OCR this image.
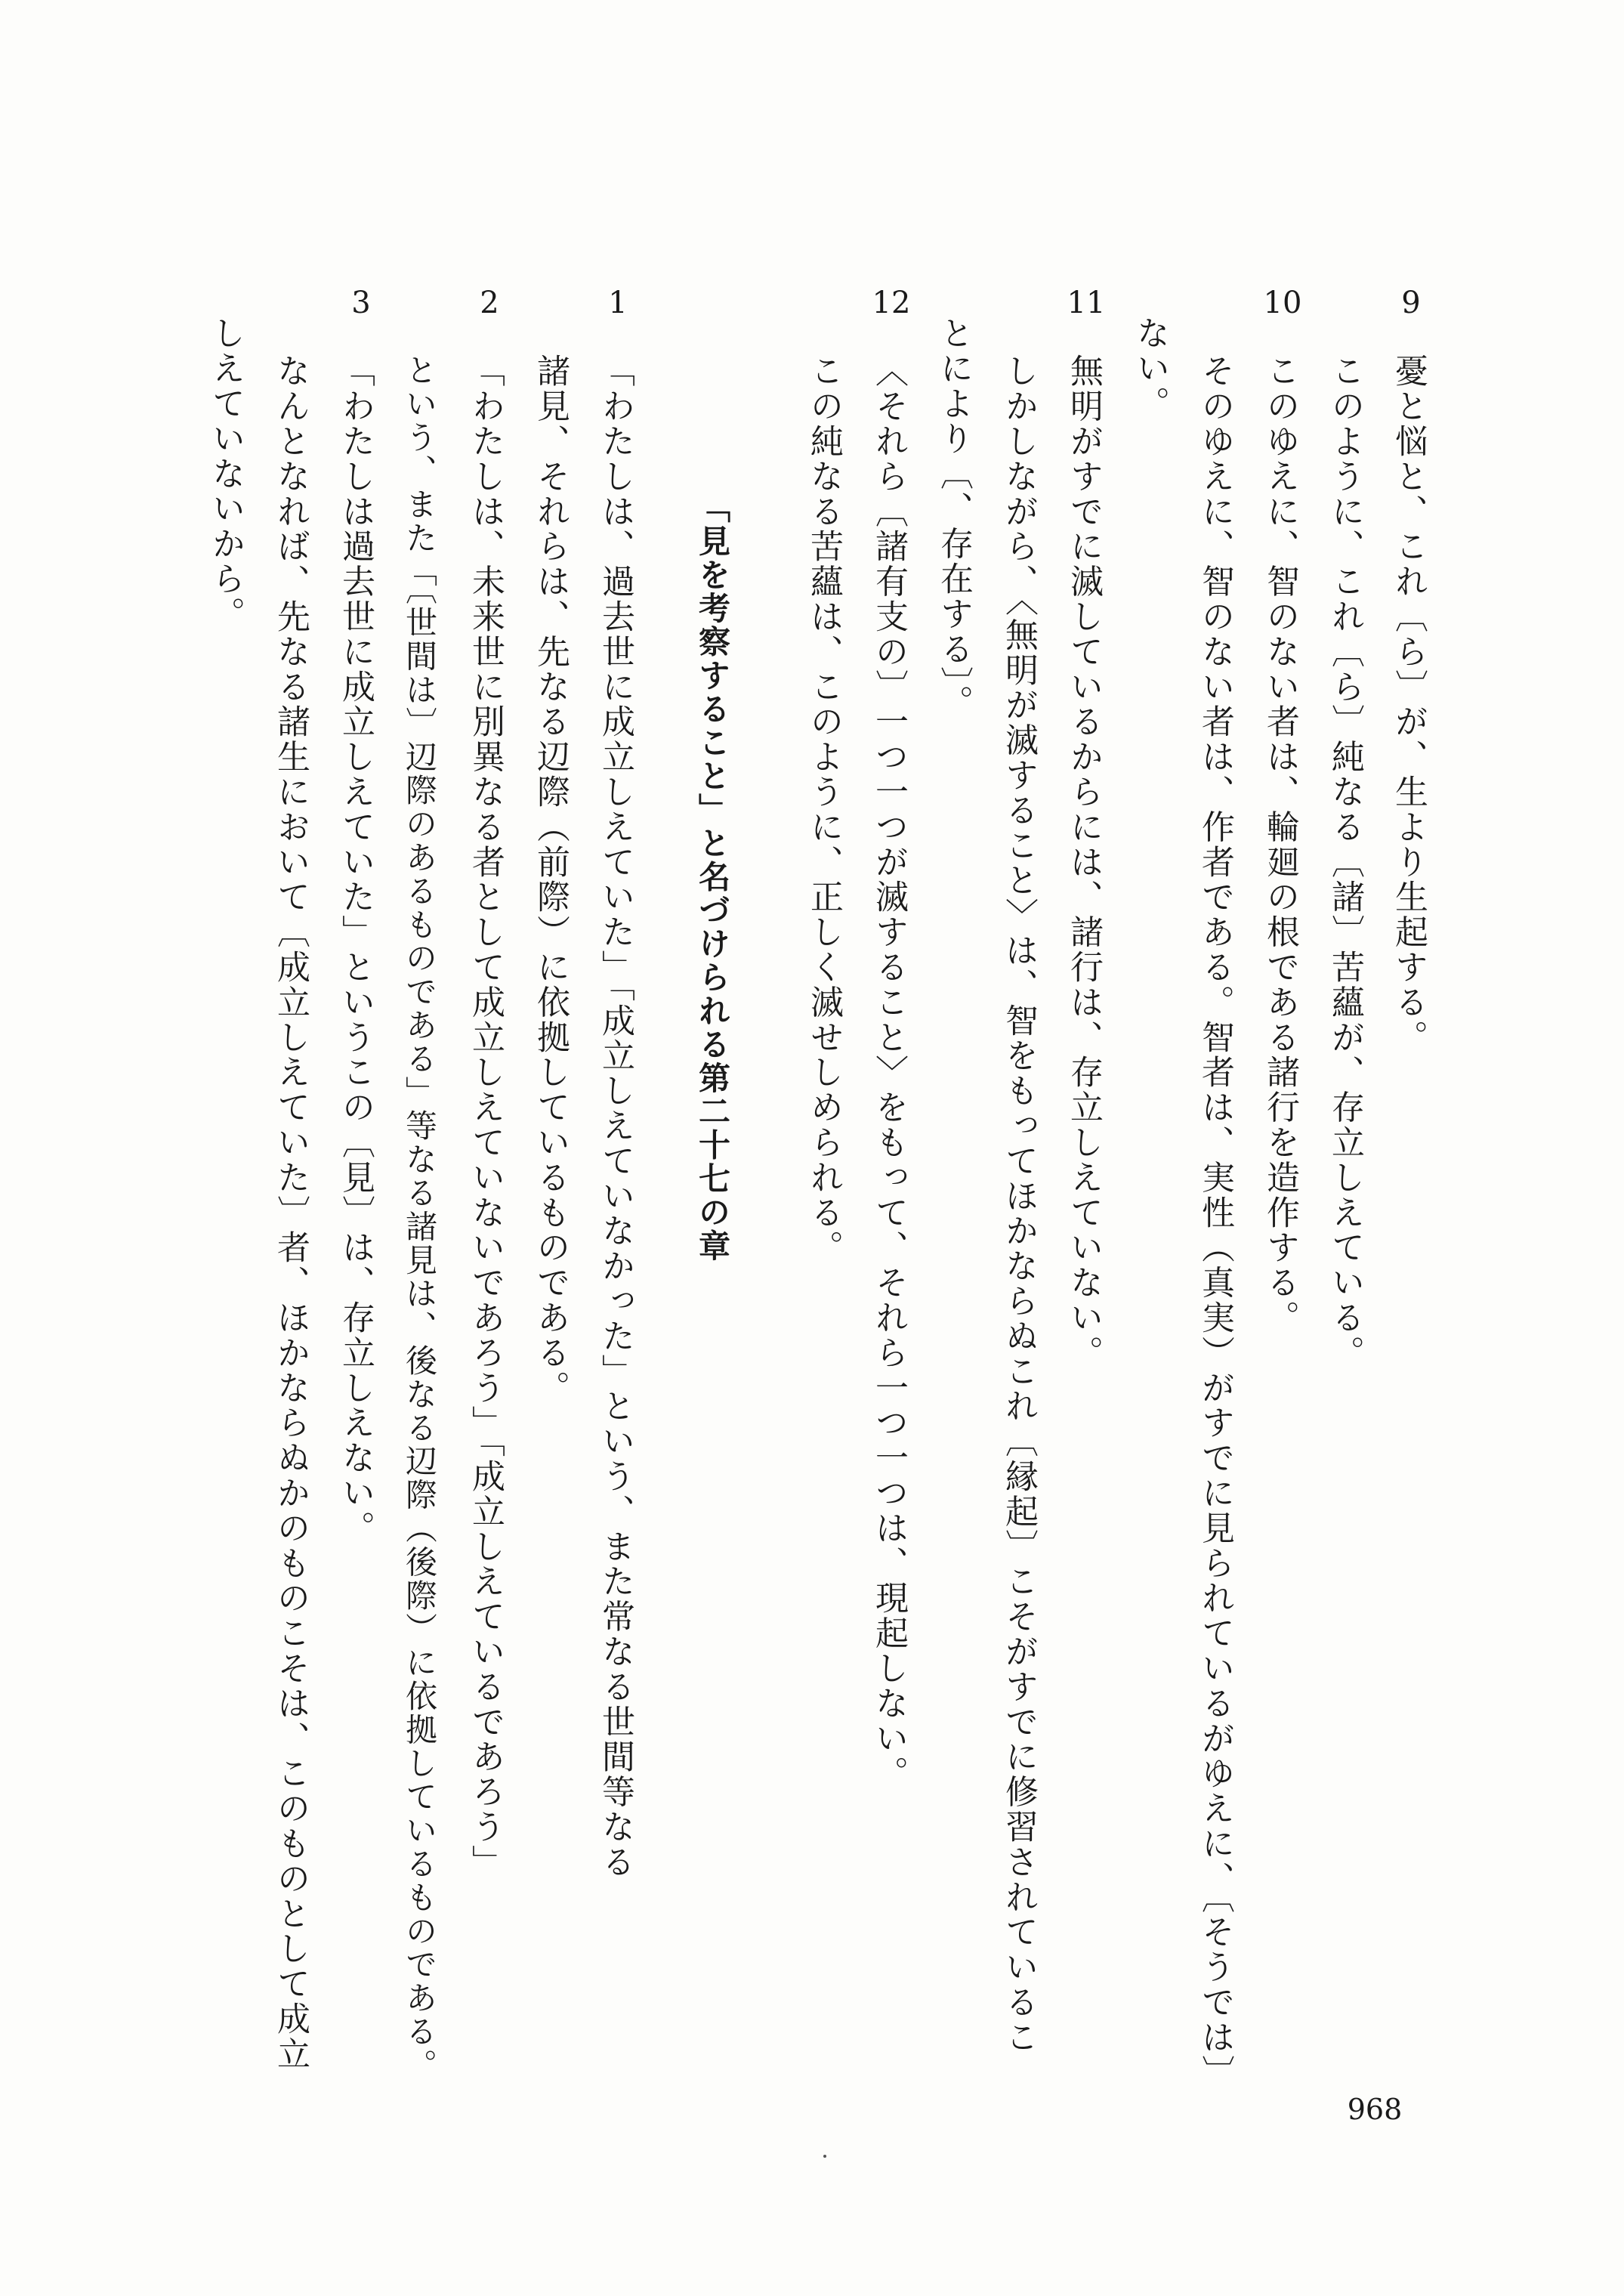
9
10
11
12
1
2
3
憂と悩と、これ〔ら〕が、生より生起する。
このように、これ〔ら〕純なる〔諸〕苦蘊が、存立しえている。
このゆえに、智のない者は、輪廻の根である諸行を造作する。
そのゆえに、智のない者は、作者である。智者は、実性（真実）がすでに見られているがゆえに、〔そうでは〕
ない。
無明がすでに滅しているからには、諸行は、存立しえていない。
しかしながら、〈無明が滅すること〉は、智をもってほかならぬこれ〔縁起〕こそがすでに修習されているこ
とにより〔、存在する〕。
〈それら〔諸有支の〕一つ一つが滅すること〉をもって、それら一つ一つは、現起しない。
この純なる苦蘊は、このように、正しく滅せしめられる。
「見を考察すること」と名づけられる第二十七の章
「わたしは、過去世に成立しえていた」「成立しえていなかった」という、また常なる世間等なる
諸見、それらは、先なる辺際（前際）に依拠しているものである。
「わたしは、未来世に別異なる者として成立しえていないであろう」「成立しえているであろう」
という、また「〔世間は〕辺際のあるものである」等なる諸見は、後なる辺際（後際）に依拠しているものである。
「わたしは過去世に成立しえていた」というこの〔見〕は、存立しえない。
なんとなれば、先なる諸生において〔成立しえていた〕者、ほかならぬかのものこそは、このものとして成立
しえていないから。
968
